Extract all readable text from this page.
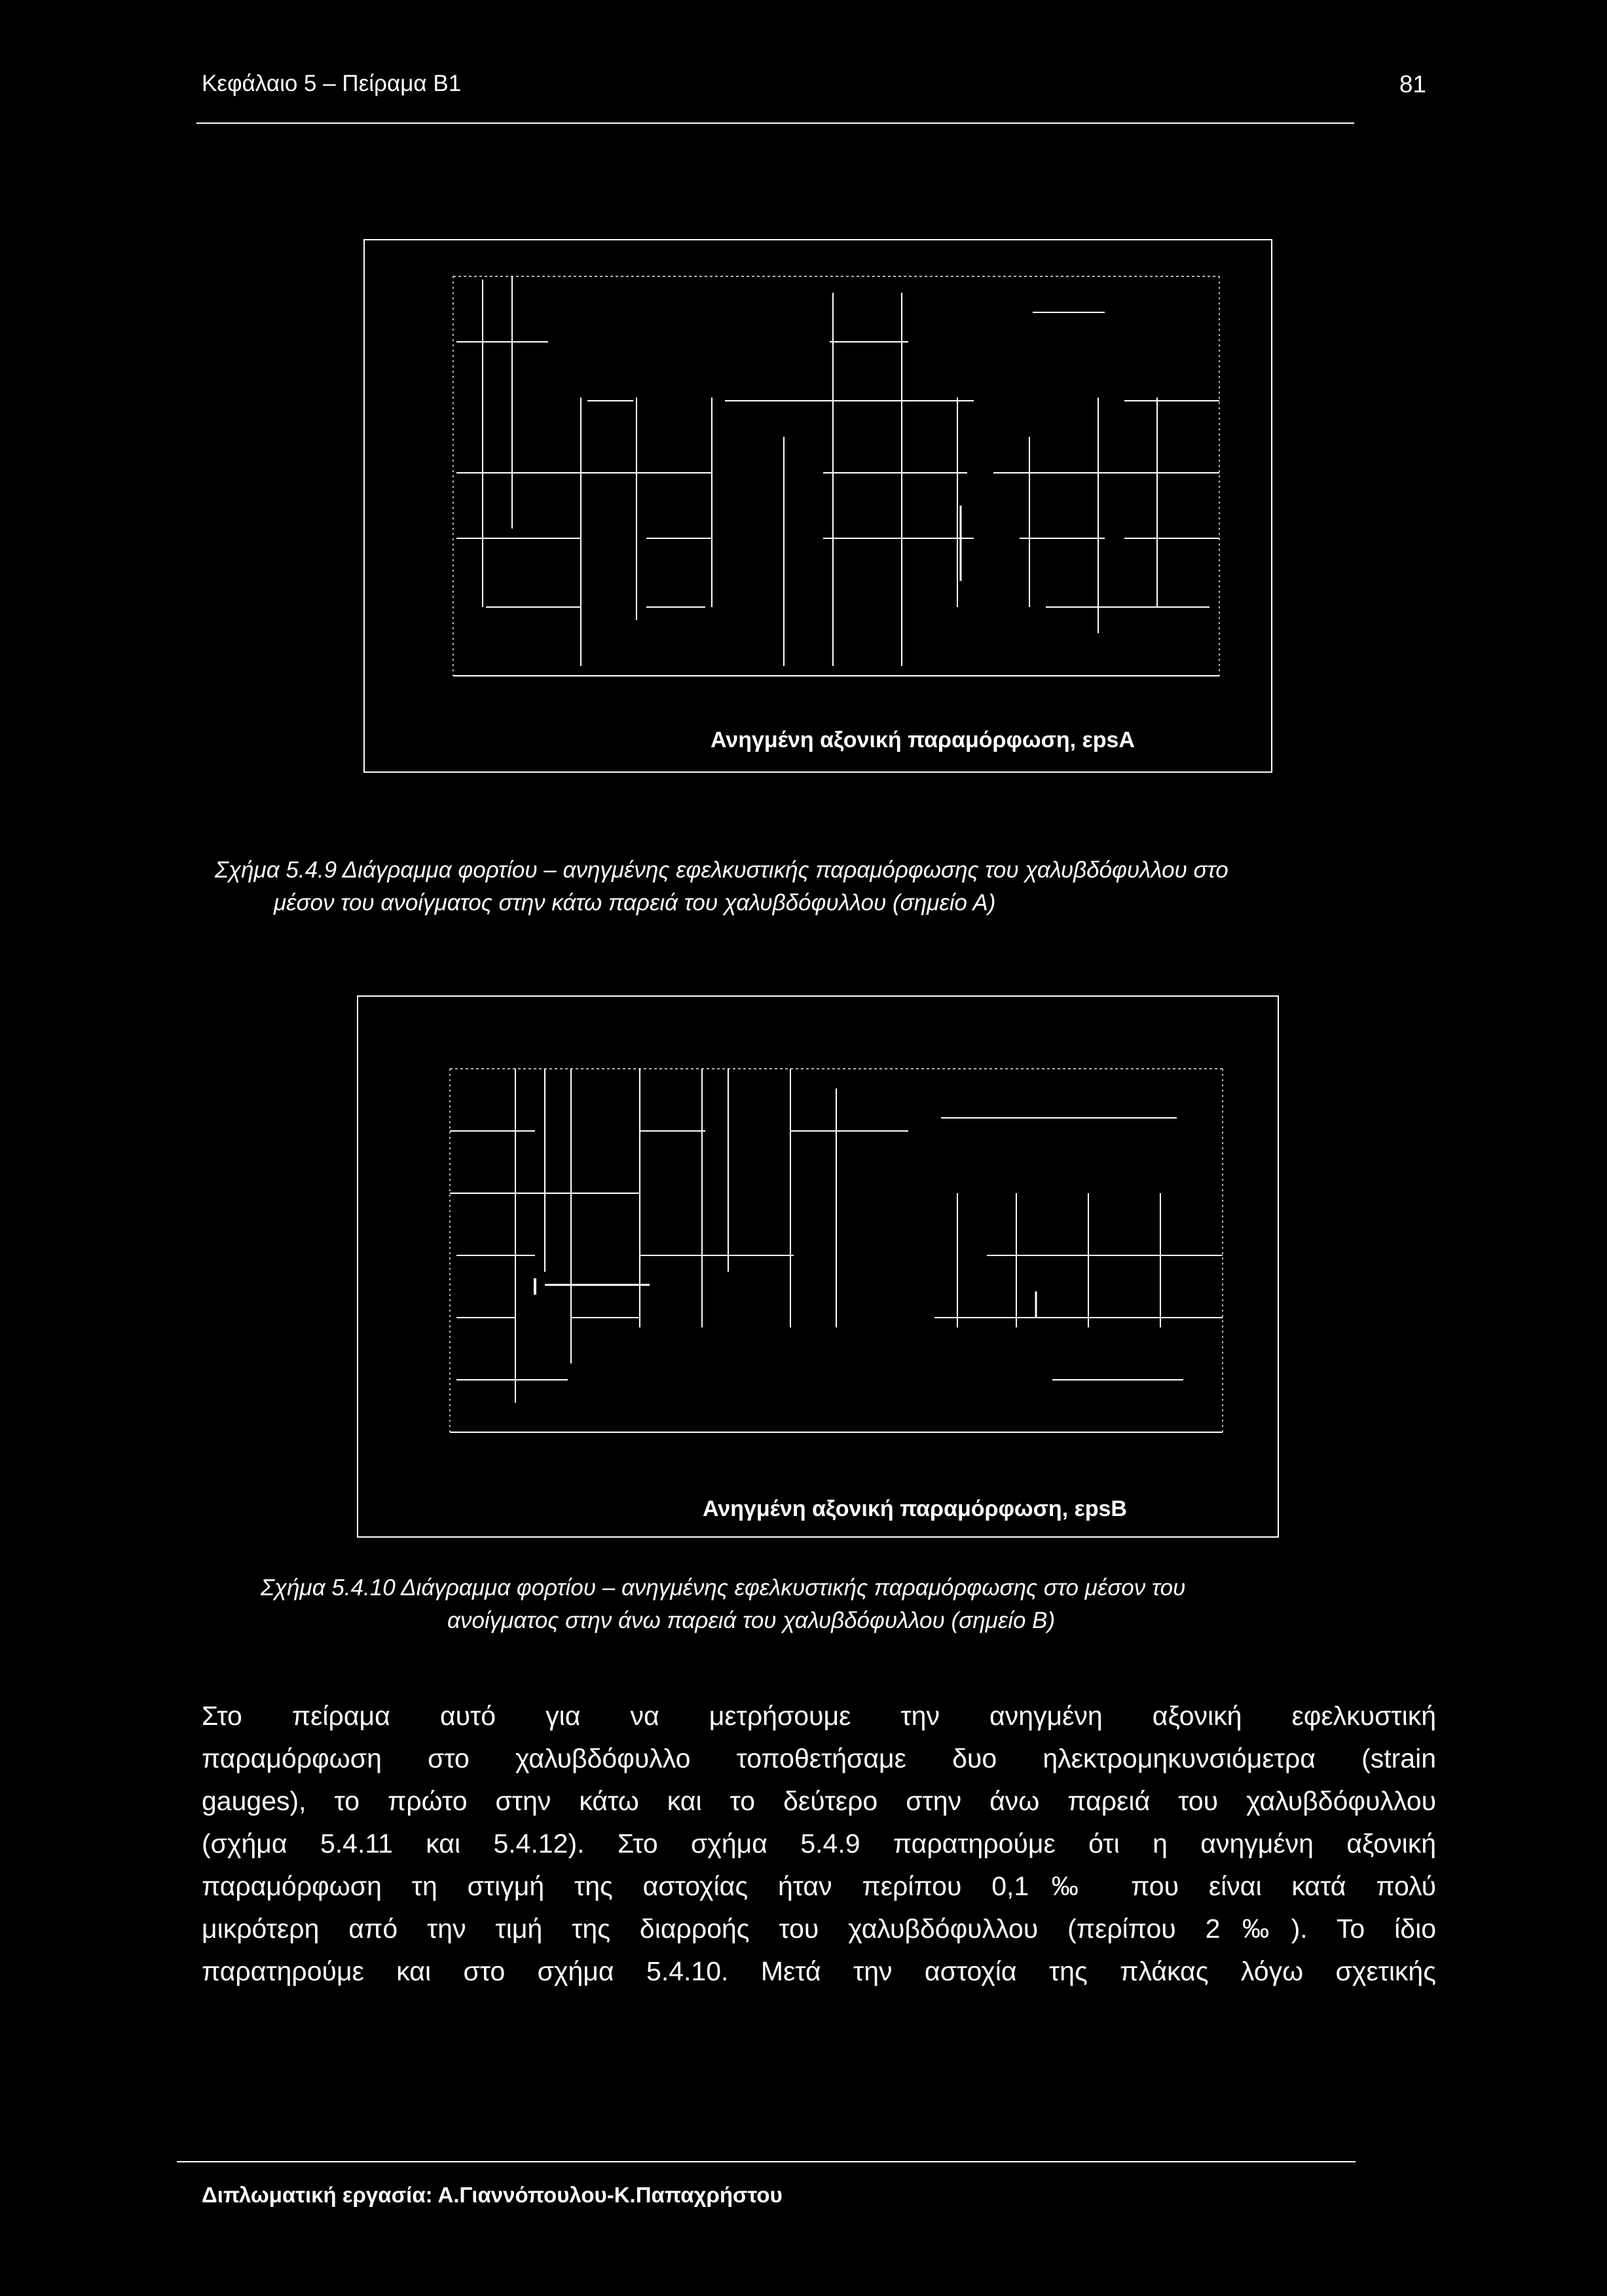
Κεφάλαιο 5 – Πείραμα Β1	81
Ανηγμένη αξονική παραμόρφωση, εpsA
Σχήμα 5.4.9 Διάγραμμα φορτίου – ανηγμένης εφελκυστικής παραμόρφωσης του χαλυβδόφυλλου στο
μέσον του ανοίγματος στην κάτω παρειά του χαλυβδόφυλλου (σημείο Α)
Ανηγμένη αξονική παραμόρφωση, εpsB
Σχήμα 5.4.10 Διάγραμμα φορτίου – ανηγμένης εφελκυστικής παραμόρφωσης στο μέσον του
ανοίγματος στην άνω παρειά του χαλυβδόφυλλου (σημείο Β)
Στο πείραμα αυτό για να μετρήσουμε την ανηγμένη αξονική εφελκυστική
παραμόρφωση στο χαλυβδόφυλλο τοποθετήσαμε δυο ηλεκτρομηκυνσιόμετρα (strain
gauges), το πρώτο στην κάτω και το δεύτερο στην άνω παρειά του χαλυβδόφυλλου
(σχήμα 5.4.11 και 5.4.12). Στο σχήμα 5.4.9 παρατηρούμε ότι η ανηγμένη αξονική
παραμόρφωση τη στιγμή της αστοχίας ήταν περίπου 0,1‰ που είναι κατά πολύ
μικρότερη από την τιμή της διαρροής του χαλυβδόφυλλου (περίπου 2‰). Το ίδιο
παρατηρούμε και στο σχήμα 5.4.10. Μετά την αστοχία της πλάκας λόγω σχετικής
Διπλωματική εργασία: Α.Γιαννόπουλου-Κ.Παπαχρήστου
